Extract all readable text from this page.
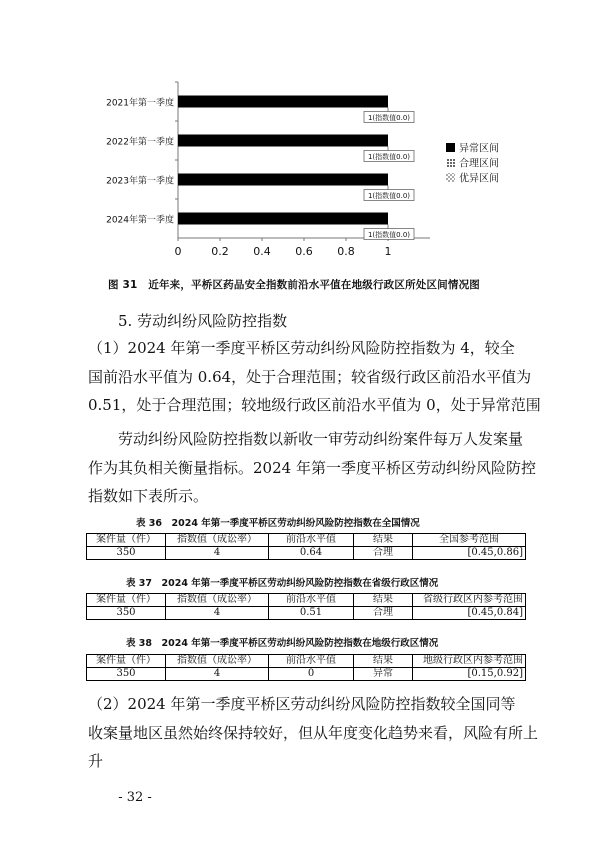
0	0.2 0.4 0.6 0.8	1
2021年第一季度
1(指数值0.0)
2022年第一季度
1(指数值0.0)
2023年第一季度
1(指数值0.0)
2024年第一季度
1(指数值0.0)
异常区间
合理区间
优异区间
图 31　近年来，平桥区药品安全指数前沿水平值在地级行政区所处区间情况图
5. 劳动纠纷风险防控指数
（1）2024 年第一季度平桥区劳动纠纷风险防控指数为 4，较全
国前沿水平值为 0.64，处于合理范围；较省级行政区前沿水平值为
0.51，处于合理范围；较地级行政区前沿水平值为 0，处于异常范围
劳动纠纷风险防控指数以新收一审劳动纠纷案件每万人发案量
作为其负相关衡量指标。2024 年第一季度平桥区劳动纠纷风险防控
指数如下表所示。
表 36　2024 年第一季度平桥区劳动纠纷风险防控指数在全国情况
案件量（件）	指数值（成讼率）	前沿水平值	结果	全国参考范围
350	4	0.64	合理	[0.45,0.86]
表 37　2024 年第一季度平桥区劳动纠纷风险防控指数在省级行政区情况
案件量（件）	指数值（成讼率）	前沿水平值	结果	省级行政区内参考范围
350	4	0.51	合理	[0.45,0.84]
表 38　2024 年第一季度平桥区劳动纠纷风险防控指数在地级行政区情况
案件量（件）	指数值（成讼率）	前沿水平值	结果	地级行政区内参考范围
350	4	0	异常	[0.15,0.92]
（2）2024 年第一季度平桥区劳动纠纷风险防控指数较全国同等
收案量地区虽然始终保持较好，但从年度变化趋势来看，风险有所上
升
- 32 -
